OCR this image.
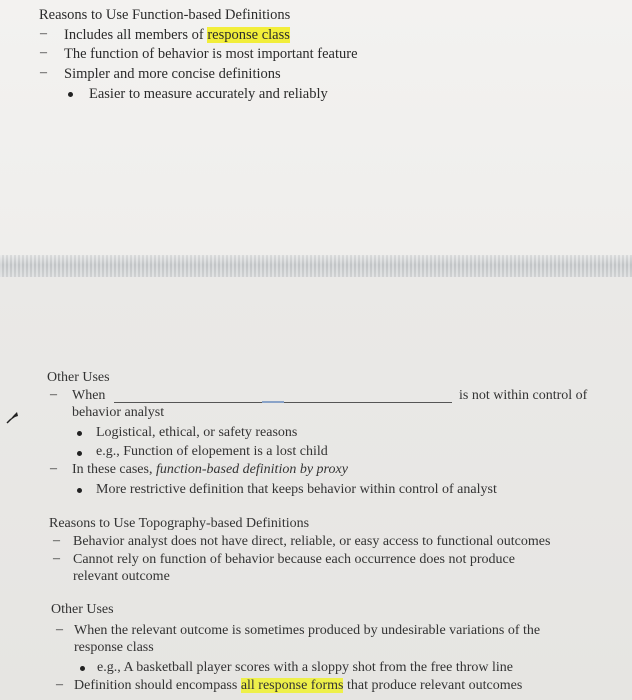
Reasons to Use Function-based Definitions
– Includes all members of response class
– The function of behavior is most important feature
– Simpler and more concise definitions
Easier to measure accurately and reliably
Other Uses
– When	is not within control of
behavior analyst
Logistical, ethical, or safety reasons
e.g., Function of elopement is a lost child
– In these cases, function-based definition by proxy
More restrictive definition that keeps behavior within control of analyst
Reasons to Use Topography-based Definitions
– Behavior analyst does not have direct, reliable, or easy access to functional outcomes
– Cannot rely on function of behavior because each occurrence does not produce
relevant outcome
Other Uses
– When the relevant outcome is sometimes produced by undesirable variations of the
response class
e.g., A basketball player scores with a sloppy shot from the free throw line
– Definition should encompass all response forms that produce relevant outcomes
